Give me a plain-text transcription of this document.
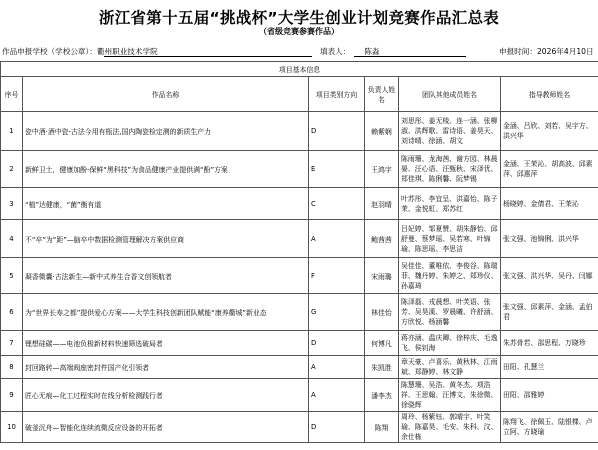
浙江省第十五届“挑战杯”大学生创业计划竞赛作品汇总表
（省级竞赛参赛作品）
作品申报学校（学校公章）：衢州职业技术学院	填表人： 陈淼	申报时间：2026年4月10日
项目基本信息					
序号	作品名称	项目类别方向	负责人姓名	团队其他成员姓名	指导教师姓名
1	瓷中酒·酒中瓷-古法今用有瓶法,国内陶瓷检定测的新质生产力	D	赖紫娴	刘思彤、姜无棱、连一涵、张柳淑、洪辉歌、雷诗语、姜昊天、刘诗晴、徐涵、胡文	金涵、吕欣、刘若、吴宇方、洪兴华
2	新鲜卫士，健康加酚-保鲜“黑科技”为食品健康产业提供满“酚”方案	E	王鸿宇	陈雨珊、龙海茜、谢方园、林晨晏、汪心语、汪甄秋、宋泽优、郑佳琪、陈俐馨、阮梦锡	金涵、王茉沁、胡高波、邱素萍、邱惠萍
3	“植”达健康，“菌”衡有道	C	赵羽晴	叶苏彤、李宜呈、洪嘉怡、陈子茉、金悦虹、郑苏红	杨晓婷、金倩君、王茉沁
4	不“卒”为“距”—脑卒中数据检测管理解决方案供应商	A	鲍茜茜	吕妃婷、邹夏赞、胡朱静怡、邱舒曼、蔡梦瑶、吴若寒、叶锦瑜、陈思瑶、李思洁	张文强、池锦俐、洪兴华
5	凝香微囊·古法新生—新中式养生合香文创领航者	F	宋雨璐	吴佳佳、董唯依、李俊谷、陈瑞菲、魏丹婷、朱婷之、郑珍仪、孙嘉琦	张文强、洪兴华、吴丹、闫娜
6	为“世界长寿之都”提供爱心方案——大学生科技创新团队赋能“康养衢城”新业态	G	林佳怡	陈泽磊、戎晨想、叶芙语、张芳、吴昊溪、罗晨曦、许舒涵、方欣悦、杨涵馨	张文强、邱素萍、金涵、孟伯君
7	锂想硅碳——电池负极新材料快速筛选破局者	D	何博凡	蒋亦涵、温庆卿、徐梓庆、毛逸飞、侯钊海	朱苏骨若、邵思程、万晓珍
8	封回路转—高端阀座密封件国产化引领者	A	朱凯胜	章天豪、卢喜乐、黄秋林、江雨斌、郑静婷、林文静	田阳、孔慧兰
9	匠心无痕—化工过程实时在线分析检测践行者	A	潘李杰	陈慧珊、吴浩、黄冬杰、项浩祥、王思翰、汪博文、朱徐微、徐骁辉	田阳、邵雅婷
10	破釜沉舟—智能化连续流微反应设备的开拓者	D	陈翔	周玲、杨紫钰、郭晴宇、叶笑瑜、陈嘉昊、毛安、朱科、汶、余仕栋	陈翔飞、徐佩玉、陆银棵、卢立阿、方晓瑜
